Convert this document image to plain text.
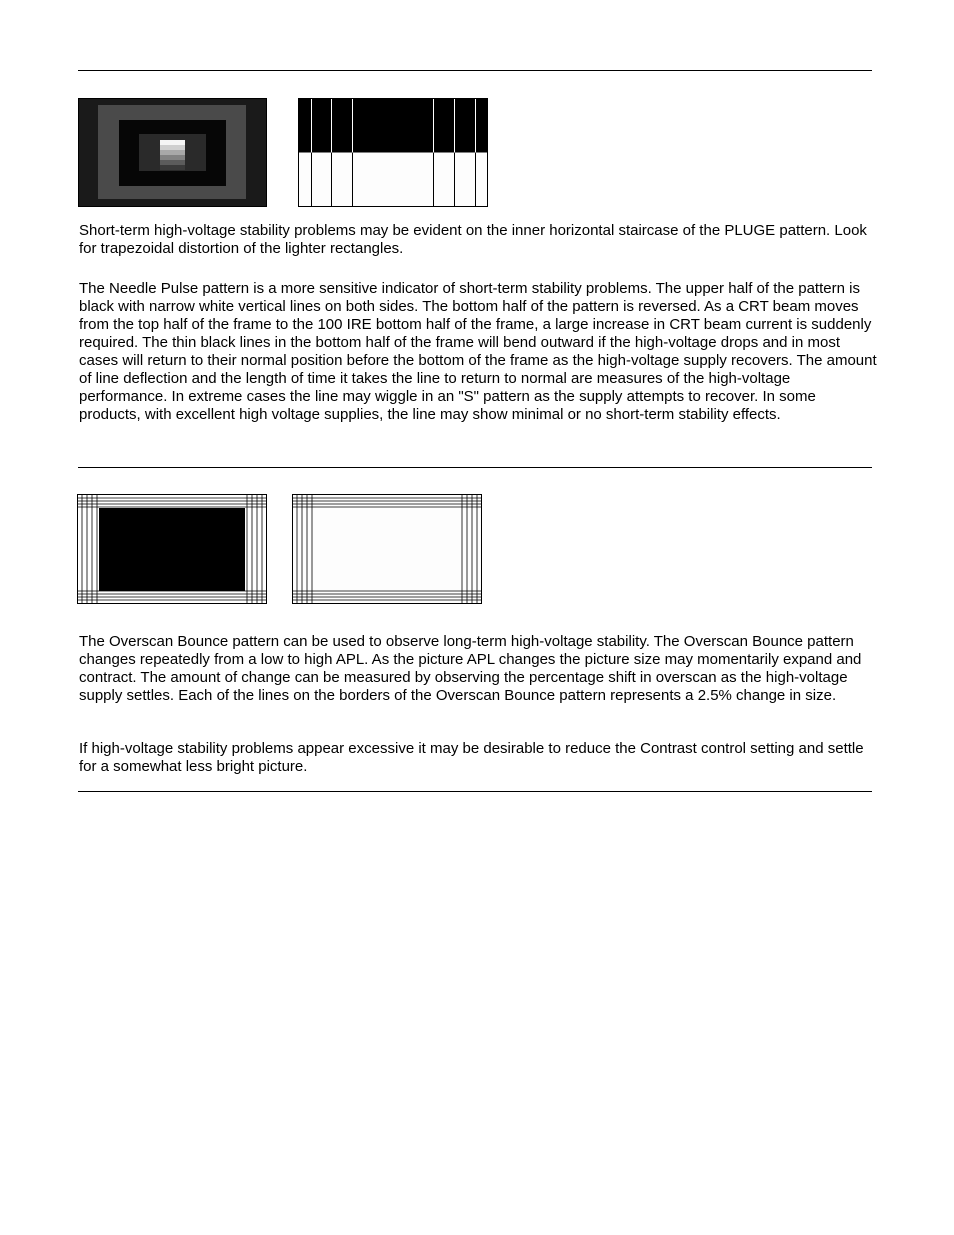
Short-term high-voltage stability problems may be evident on the inner horizontal staircase of the PLUGE pattern. Look for trapezoidal distortion of the lighter rectangles.

The Needle Pulse pattern is a more sensitive indicator of short-term stability problems. The upper half of the pattern is black with narrow white vertical lines on both sides. The bottom half of the pattern is reversed. As a CRT beam moves from the top half of the frame to the 100 IRE bottom half of the frame, a large increase in CRT beam current is suddenly required. The thin black lines in the bottom half of the frame will bend outward if the high-voltage drops and in most cases will return to their normal position before the bottom of the frame as the high-voltage supply recovers. The amount of line deflection and the length of time it takes the line to return to normal are measures of the high-voltage performance. In extreme cases the line may wiggle in an "S" pattern as the supply attempts to recover. In some products, with excellent high voltage supplies, the line may show minimal or no short-term stability effects.

The Overscan Bounce pattern can be used to observe long-term high-voltage stability. The Overscan Bounce pattern changes repeatedly from a low to high APL. As the picture APL changes the picture size may momentarily expand and contract. The amount of change can be measured by observing the percentage shift in overscan as the high-voltage supply settles. Each of the lines on the borders of the Overscan Bounce pattern represents a 2.5% change in size.

If high-voltage stability problems appear excessive it may be desirable to reduce the Contrast control setting and settle for a somewhat less bright picture.
